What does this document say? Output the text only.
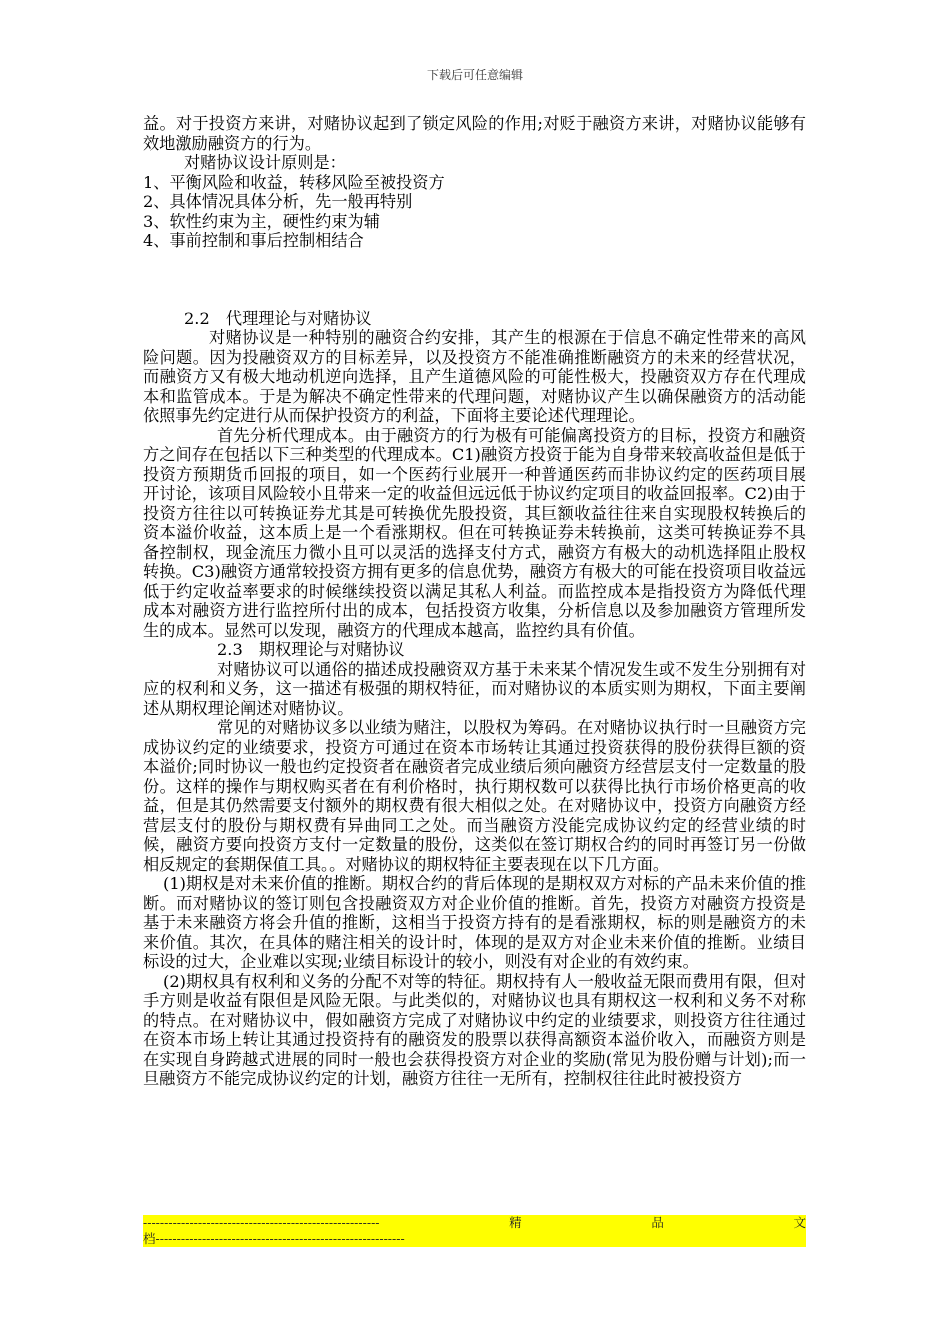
下载后可任意编辑

益。对于投资方来讲，对赌协议起到了锁定风险的作用;对贬于融资方来讲，对赌协议能够有效地激励融资方的行为。

对赌协议设计原则是：

1、平衡风险和收益，转移风险至被投资方

2、具体情况具体分析，先一般再特别

3、软性约束为主，硬性约束为辅

4、事前控制和事后控制相结合

2.2　代理理论与对赌协议

对赌协议是一种特别的融资合约安排，其产生的根源在于信息不确定性带来的高风险问题。因为投融资双方的目标差异，以及投资方不能准确推断融资方的未来的经营状况，而融资方又有极大地动机逆向选择，且产生道德风险的可能性极大，投融资双方存在代理成本和监管成本。于是为解决不确定性带来的代理问题，对赌协议产生以确保融资方的活动能依照事先约定进行从而保护投资方的利益，下面将主要论述代理理论。

首先分析代理成本。由于融资方的行为极有可能偏离投资方的目标，投资方和融资方之间存在包括以下三种类型的代理成本。C1)融资方投资于能为自身带来较高收益但是低于投资方预期货币回报的项目，如一个医药行业展开一种普通医药而非协议约定的医药项目展开讨论，该项目风险较小且带来一定的收益但远远低于协议约定项目的收益回报率。C2)由于投资方往往以可转换证券尤其是可转换优先股投资，其巨额收益往往来自实现股权转换后的资本溢价收益，这本质上是一个看涨期权。但在可转换证券未转换前，这类可转换证券不具备控制权，现金流压力微小且可以灵活的选择支付方式，融资方有极大的动机选择阻止股权转换。C3)融资方通常较投资方拥有更多的信息优势，融资方有极大的可能在投资项目收益远低于约定收益率要求的时候继续投资以满足其私人利益。而监控成本是指投资方为降低代理成本对融资方进行监控所付出的成本，包括投资方收集，分析信息以及参加融资方管理所发生的成本。显然可以发现，融资方的代理成本越高，监控约具有价值。

2.3　期权理论与对赌协议

对赌协议可以通俗的描述成投融资双方基于未来某个情况发生或不发生分别拥有对应的权利和义务，这一描述有极强的期权特征，而对赌协议的本质实则为期权，下面主要阐述从期权理论阐述对赌协议。

常见的对赌协议多以业绩为赌注，以股权为筹码。在对赌协议执行时一旦融资方完成协议约定的业绩要求，投资方可通过在资本市场转让其通过投资获得的股份获得巨额的资本溢价;同时协议一般也约定投资者在融资者完成业绩后须向融资方经营层支付一定数量的股份。这样的操作与期权购买者在有利价格时，执行期权数可以获得比执行市场价格更高的收益，但是其仍然需要支付额外的期权费有很大相似之处。在对赌协议中，投资方向融资方经营层支付的股份与期权费有异曲同工之处。而当融资方没能完成协议约定的经营业绩的时候，融资方要向投资方支付一定数量的股份，这类似在签订期权合约的同时再签订另一份做相反规定的套期保值工具。。对赌协议的期权特征主要表现在以下几方面。

(1)期权是对未来价值的推断。期权合约的背后体现的是期权双方对标的产品未来价值的推断。而对赌协议的签订则包含投融资双方对企业价值的推断。首先，投资方对融资方投资是基于未来融资方将会升值的推断，这相当于投资方持有的是看涨期权，标的则是融资方的未来价值。其次，在具体的赌注相关的设计时，体现的是双方对企业未来价值的推断。业绩目标设的过大，企业难以实现;业绩目标设计的较小，则没有对企业的有效约束。

(2)期权具有权利和义务的分配不对等的特征。期权持有人一般收益无限而费用有限，但对手方则是收益有限但是风险无限。与此类似的，对赌协议也具有期权这一权利和义务不对称的特点。在对赌协议中，假如融资方完成了对赌协议中约定的业绩要求，则投资方往往通过在资本市场上转让其通过投资持有的融资发的股票以获得高额资本溢价收入，而融资方则是在实现自身跨越式进展的同时一般也会获得投资方对企业的奖励(常见为股份赠与计划);而一旦融资方不能完成协议约定的计划，融资方往往一无所有，控制权往往此时被投资方

--------------------------------------------------------	精	品	文
档-----------------------------------------------------------
